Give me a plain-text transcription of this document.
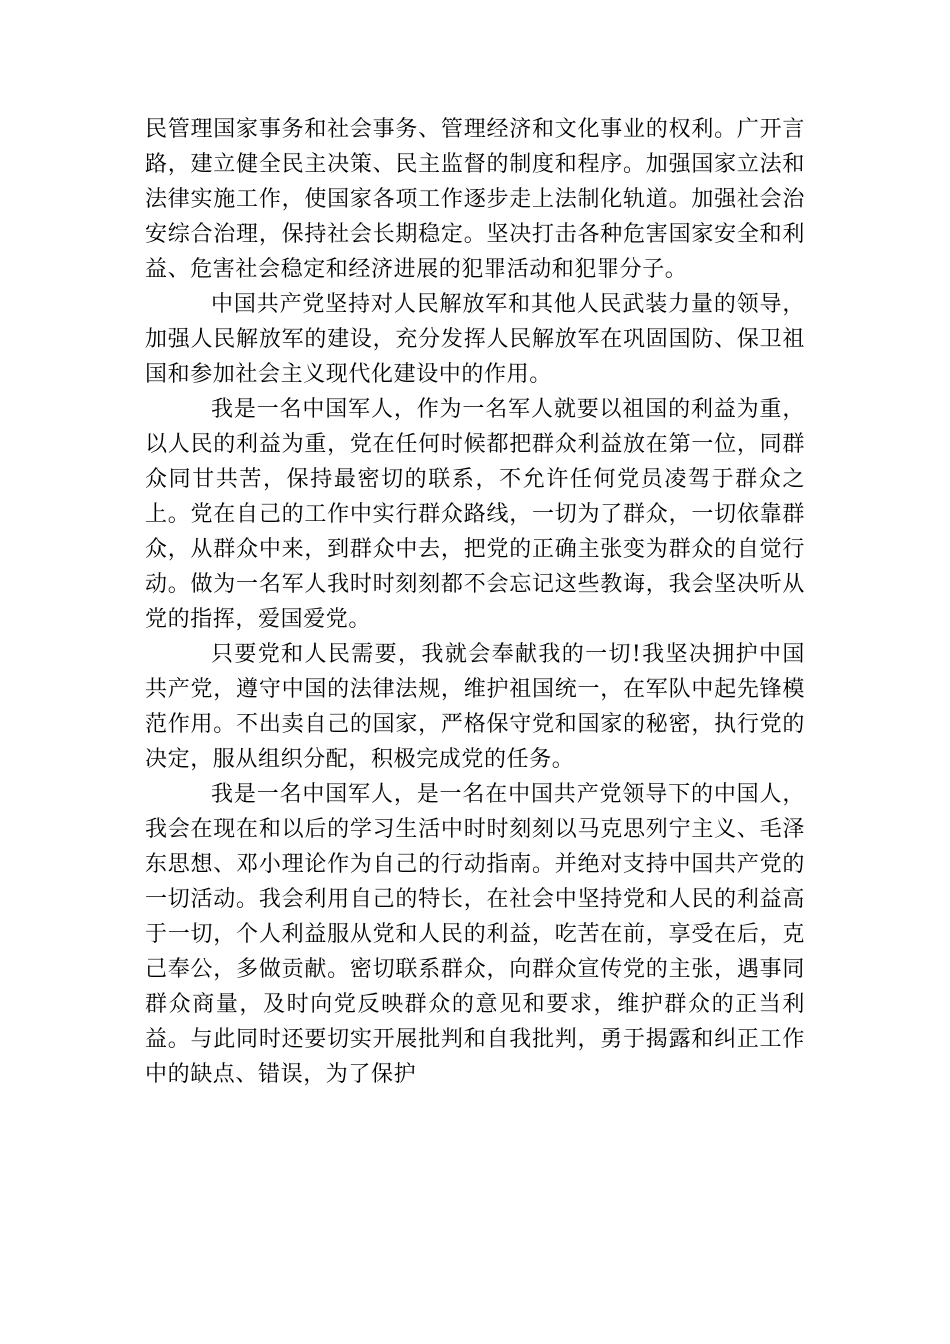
民管理国家事务和社会事务、管理经济和文化事业的权利。广开言路，建立健全民主决策、民主监督的制度和程序。加强国家立法和法律实施工作，使国家各项工作逐步走上法制化轨道。加强社会治安综合治理，保持社会长期稳定。坚决打击各种危害国家安全和利益、危害社会稳定和经济进展的犯罪活动和犯罪分子。

中国共产党坚持对人民解放军和其他人民武装力量的领导，加强人民解放军的建设，充分发挥人民解放军在巩固国防、保卫祖国和参加社会主义现代化建设中的作用。

我是一名中国军人，作为一名军人就要以祖国的利益为重，以人民的利益为重，党在任何时候都把群众利益放在第一位，同群众同甘共苦，保持最密切的联系，不允许任何党员凌驾于群众之上。党在自己的工作中实行群众路线，一切为了群众，一切依靠群众，从群众中来，到群众中去，把党的正确主张变为群众的自觉行动。做为一名军人我时时刻刻都不会忘记这些教诲，我会坚决听从党的指挥，爱国爱党。

只要党和人民需要，我就会奉献我的一切!我坚决拥护中国共产党，遵守中国的法律法规，维护祖国统一，在军队中起先锋模范作用。不出卖自己的国家，严格保守党和国家的秘密，执行党的决定，服从组织分配，积极完成党的任务。

我是一名中国军人，是一名在中国共产党领导下的中国人，我会在现在和以后的学习生活中时时刻刻以马克思列宁主义、毛泽东思想、邓小理论作为自己的行动指南。并绝对支持中国共产党的一切活动。我会利用自己的特长，在社会中坚持党和人民的利益高于一切，个人利益服从党和人民的利益，吃苦在前，享受在后，克己奉公，多做贡献。密切联系群众，向群众宣传党的主张，遇事同群众商量，及时向党反映群众的意见和要求，维护群众的正当利益。与此同时还要切实开展批判和自我批判，勇于揭露和纠正工作中的缺点、错误，为了保护
